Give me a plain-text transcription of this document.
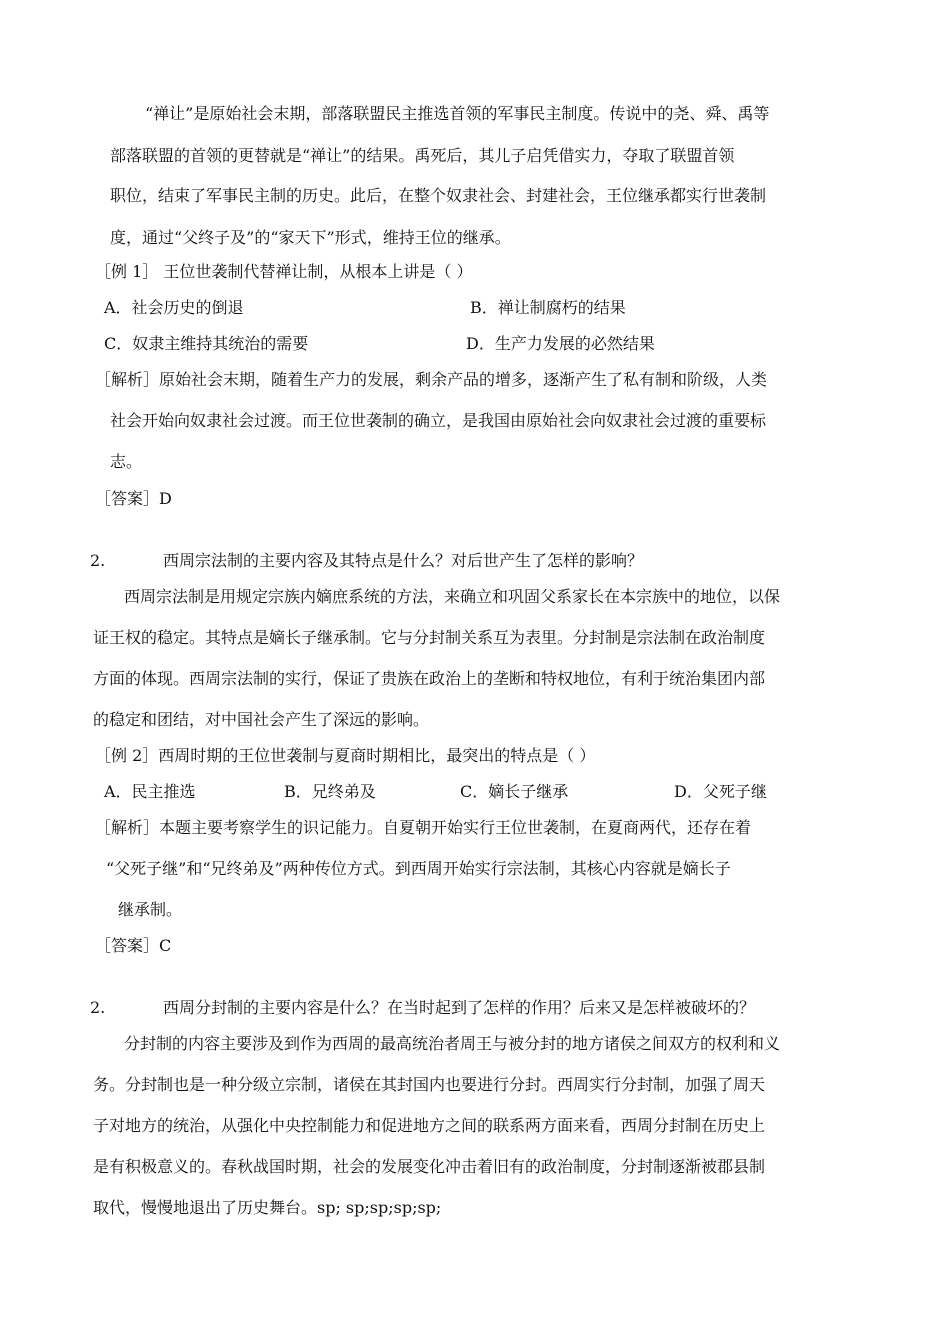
“禅让”是原始社会末期，部落联盟民主推选首领的军事民主制度。传说中的尧、舜、禹等
部落联盟的首领的更替就是“禅让”的结果。禹死后，其儿子启凭借实力，夺取了联盟首领
职位，结束了军事民主制的历史。此后，在整个奴隶社会、封建社会，王位继承都实行世袭制
度，通过“父终子及”的“家天下”形式，维持王位的继承。
［例 1］ 王位世袭制代替禅让制，从根本上讲是（ ）
A．社会历史的倒退	B．禅让制腐朽的结果
C．奴隶主维持其统治的需要	D．生产力发展的必然结果
［解析］原始社会末期，随着生产力的发展，剩余产品的增多，逐渐产生了私有制和阶级，人类
社会开始向奴隶社会过渡。而王位世袭制的确立，是我国由原始社会向奴隶社会过渡的重要标
志。
［答案］D
2.	西周宗法制的主要内容及其特点是什么？对后世产生了怎样的影响？
西周宗法制是用规定宗族内嫡庶系统的方法，来确立和巩固父系家长在本宗族中的地位，以保
证王权的稳定。其特点是嫡长子继承制。它与分封制关系互为表里。分封制是宗法制在政治制度
方面的体现。西周宗法制的实行，保证了贵族在政治上的垄断和特权地位，有利于统治集团内部
的稳定和团结，对中国社会产生了深远的影响。
［例 2］西周时期的王位世袭制与夏商时期相比，最突出的特点是（ ）
A．民主推选	B．兄终弟及	C．嫡长子继承	D．父死子继
［解析］本题主要考察学生的识记能力。自夏朝开始实行王位世袭制，在夏商两代，还存在着
“父死子继”和“兄终弟及”两种传位方式。到西周开始实行宗法制，其核心内容就是嫡长子
继承制。
［答案］C
2.	西周分封制的主要内容是什么？在当时起到了怎样的作用？后来又是怎样被破坏的？
分封制的内容主要涉及到作为西周的最高统治者周王与被分封的地方诸侯之间双方的权利和义
务。分封制也是一种分级立宗制，诸侯在其封国内也要进行分封。西周实行分封制，加强了周天
子对地方的统治，从强化中央控制能力和促进地方之间的联系两方面来看，西周分封制在历史上
是有积极意义的。春秋战国时期，社会的发展变化冲击着旧有的政治制度，分封制逐渐被郡县制
取代，慢慢地退出了历史舞台。sp; sp;sp;sp;sp;
